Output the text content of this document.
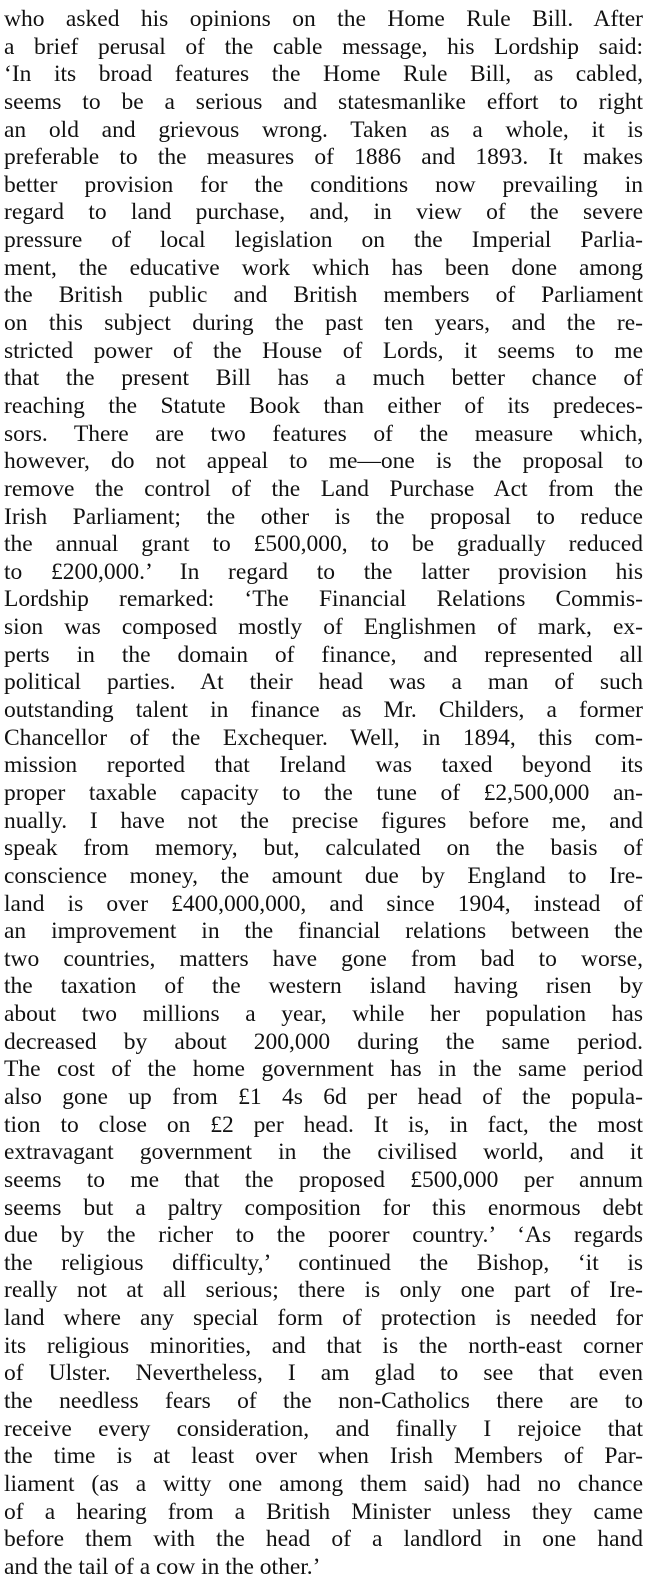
who asked his opinions on the Home Rule Bill. After
a brief perusal of the cable message, his Lordship said:
‘In its broad features the Home Rule Bill, as cabled,
seems to be a serious and statesmanlike effort to right
an old and grievous wrong. Taken as a whole, it is
preferable to the measures of 1886 and 1893. It makes
better provision for the conditions now prevailing in
regard to land purchase, and, in view of the severe
pressure of local legislation on the Imperial Parlia-
ment, the educative work which has been done among
the British public and British members of Parliament
on this subject during the past ten years, and the re-
stricted power of the House of Lords, it seems to me
that the present Bill has a much better chance of
reaching the Statute Book than either of its predeces-
sors. There are two features of the measure which,
however, do not appeal to me—one is the proposal to
remove the control of the Land Purchase Act from the
Irish Parliament; the other is the proposal to reduce
the annual grant to £500,000, to be gradually reduced
to £200,000.’ In regard to the latter provision his
Lordship remarked: ‘The Financial Relations Commis-
sion was composed mostly of Englishmen of mark, ex-
perts in the domain of finance, and represented all
political parties. At their head was a man of such
outstanding talent in finance as Mr. Childers, a former
Chancellor of the Exchequer. Well, in 1894, this com-
mission reported that Ireland was taxed beyond its
proper taxable capacity to the tune of £2,500,000 an-
nually. I have not the precise figures before me, and
speak from memory, but, calculated on the basis of
conscience money, the amount due by England to Ire-
land is over £400,000,000, and since 1904, instead of
an improvement in the financial relations between the
two countries, matters have gone from bad to worse,
the taxation of the western island having risen by
about two millions a year, while her population has
decreased by about 200,000 during the same period.
The cost of the home government has in the same period
also gone up from £1 4s 6d per head of the popula-
tion to close on £2 per head. It is, in fact, the most
extravagant government in the civilised world, and it
seems to me that the proposed £500,000 per annum
seems but a paltry composition for this enormous debt
due by the richer to the poorer country.’ ‘As regards
the religious difficulty,’ continued the Bishop, ‘it is
really not at all serious; there is only one part of Ire-
land where any special form of protection is needed for
its religious minorities, and that is the north-east corner
of Ulster. Nevertheless, I am glad to see that even
the needless fears of the non-Catholics there are to
receive every consideration, and finally I rejoice that
the time is at least over when Irish Members of Par-
liament (as a witty one among them said) had no chance
of a hearing from a British Minister unless they came
before them with the head of a landlord in one hand
and the tail of a cow in the other.’
